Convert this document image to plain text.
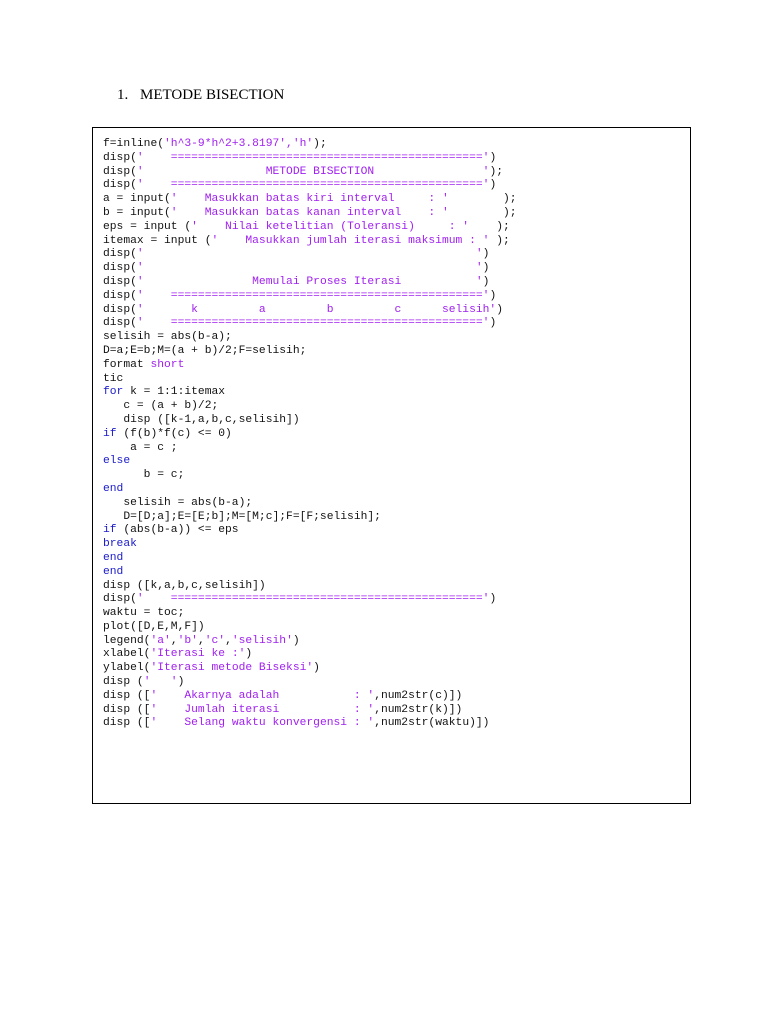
1. METODE BISECTION
f=inline('h^3-9*h^2+3.8197','h');
disp('    ==============================================')
disp('                  METODE BISECTION                ');
disp('    ==============================================')
a = input('    Masukkan batas kiri interval     : '        );
b = input('    Masukkan batas kanan interval    : '        );
eps = input ('    Nilai ketelitian (Toleransi)     : '    );
itemax = input ('    Masukkan jumlah iterasi maksimum : ' );
disp('                                                 ')
disp('                                                 ')
disp('                Memulai Proses Iterasi           ')
disp('    ==============================================')
disp('       k         a         b         c      selisih')
disp('    ==============================================')
selisih = abs(b-a);
D=a;E=b;M=(a + b)/2;F=selisih;
format short
tic
for k = 1:1:itemax
c = (a + b)/2;
disp ([k-1,a,b,c,selisih])
if (f(b)*f(c) <= 0)
a = c ;
else
b = c;
end
selisih = abs(b-a);
D=[D;a];E=[E;b];M=[M;c];F=[F;selisih];
if (abs(b-a)) <= eps
break
end
end
disp ([k,a,b,c,selisih])
disp('    ==============================================')
waktu = toc;
plot([D,E,M,F])
legend('a','b','c','selisih')
xlabel('Iterasi ke :')
ylabel('Iterasi metode Biseksi')
disp ('   ')
disp (['    Akarnya adalah           : ',num2str(c)])
disp (['    Jumlah iterasi           : ',num2str(k)])
disp (['    Selang waktu konvergensi : ',num2str(waktu)])
